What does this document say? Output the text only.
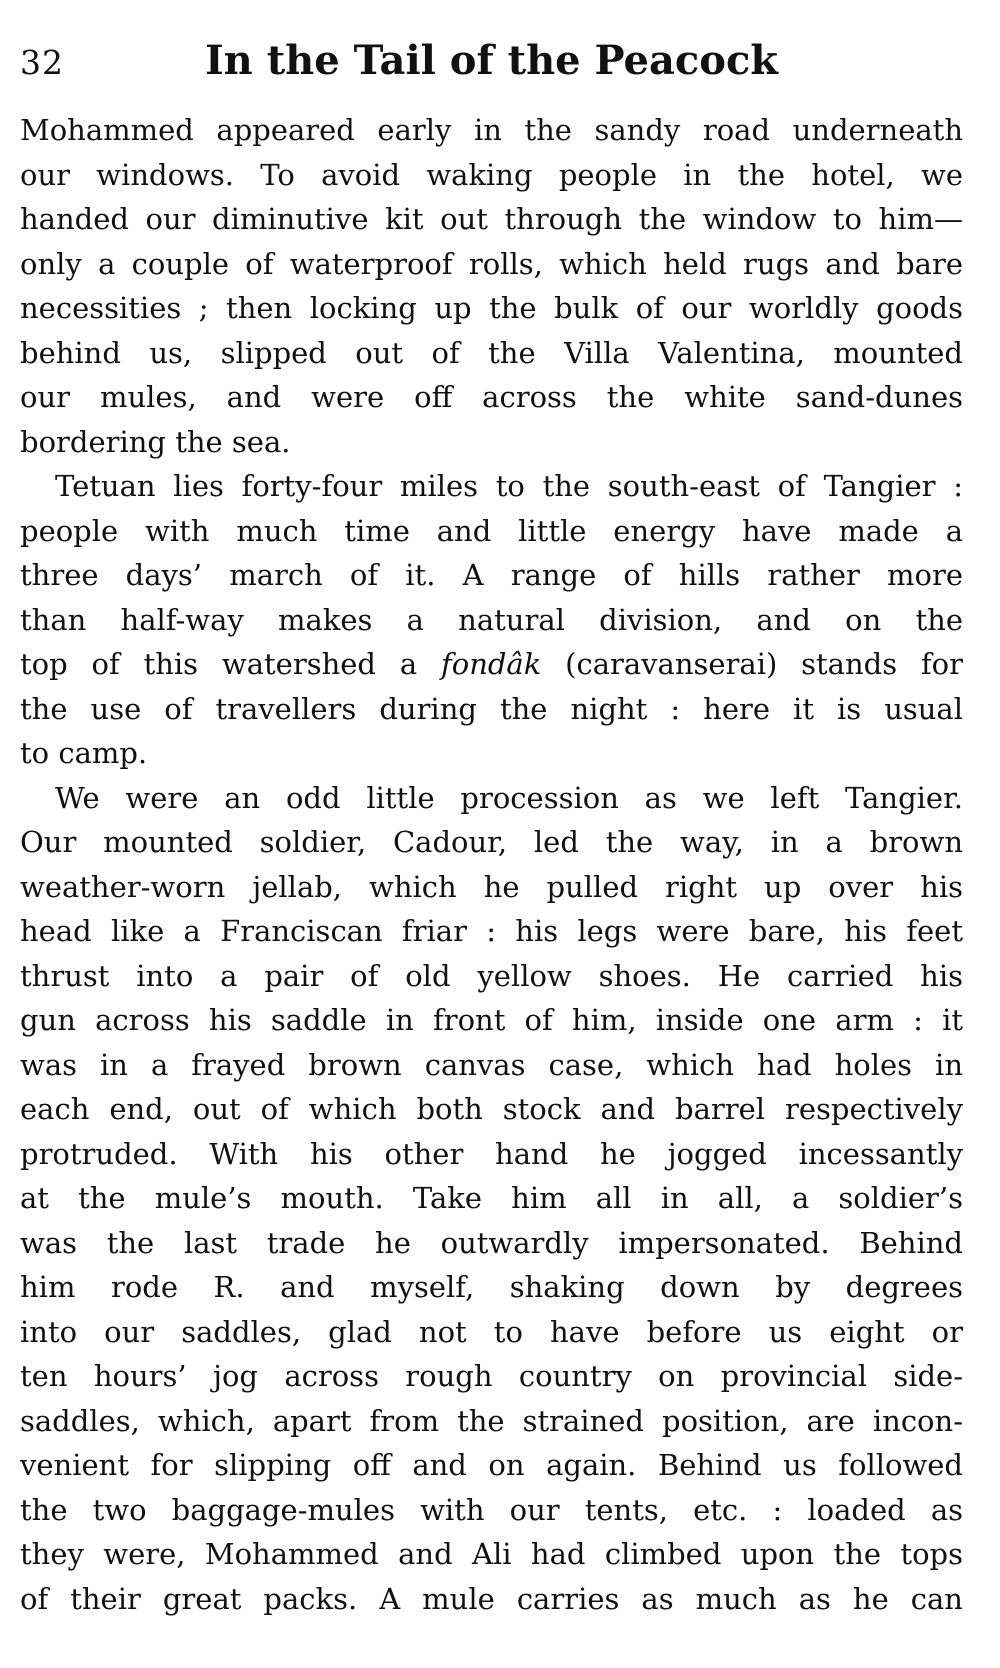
32	In the Tail of the Peacock
Mohammed appeared early in the sandy road underneath
our windows. To avoid waking people in the hotel, we
handed our diminutive kit out through the window to him—
only a couple of waterproof rolls, which held rugs and bare
necessities ; then locking up the bulk of our worldly goods
behind us, slipped out of the Villa Valentina, mounted
our mules, and were off across the white sand-dunes
bordering the sea.
Tetuan lies forty-four miles to the south-east of Tangier :
people with much time and little energy have made a
three days’ march of it. A range of hills rather more
than half-way makes a natural division, and on the
top of this watershed a fondâk (caravanserai) stands for
the use of travellers during the night : here it is usual
to camp.
We were an odd little procession as we left Tangier.
Our mounted soldier, Cadour, led the way, in a brown
weather-worn jellab, which he pulled right up over his
head like a Franciscan friar : his legs were bare, his feet
thrust into a pair of old yellow shoes. He carried his
gun across his saddle in front of him, inside one arm : it
was in a frayed brown canvas case, which had holes in
each end, out of which both stock and barrel respectively
protruded. With his other hand he jogged incessantly
at the mule’s mouth. Take him all in all, a soldier’s
was the last trade he outwardly impersonated. Behind
him rode R. and myself, shaking down by degrees
into our saddles, glad not to have before us eight or
ten hours’ jog across rough country on provincial side-
saddles, which, apart from the strained position, are incon-
venient for slipping off and on again. Behind us followed
the two baggage-mules with our tents, etc. : loaded as
they were, Mohammed and Ali had climbed upon the tops
of their great packs. A mule carries as much as he can
